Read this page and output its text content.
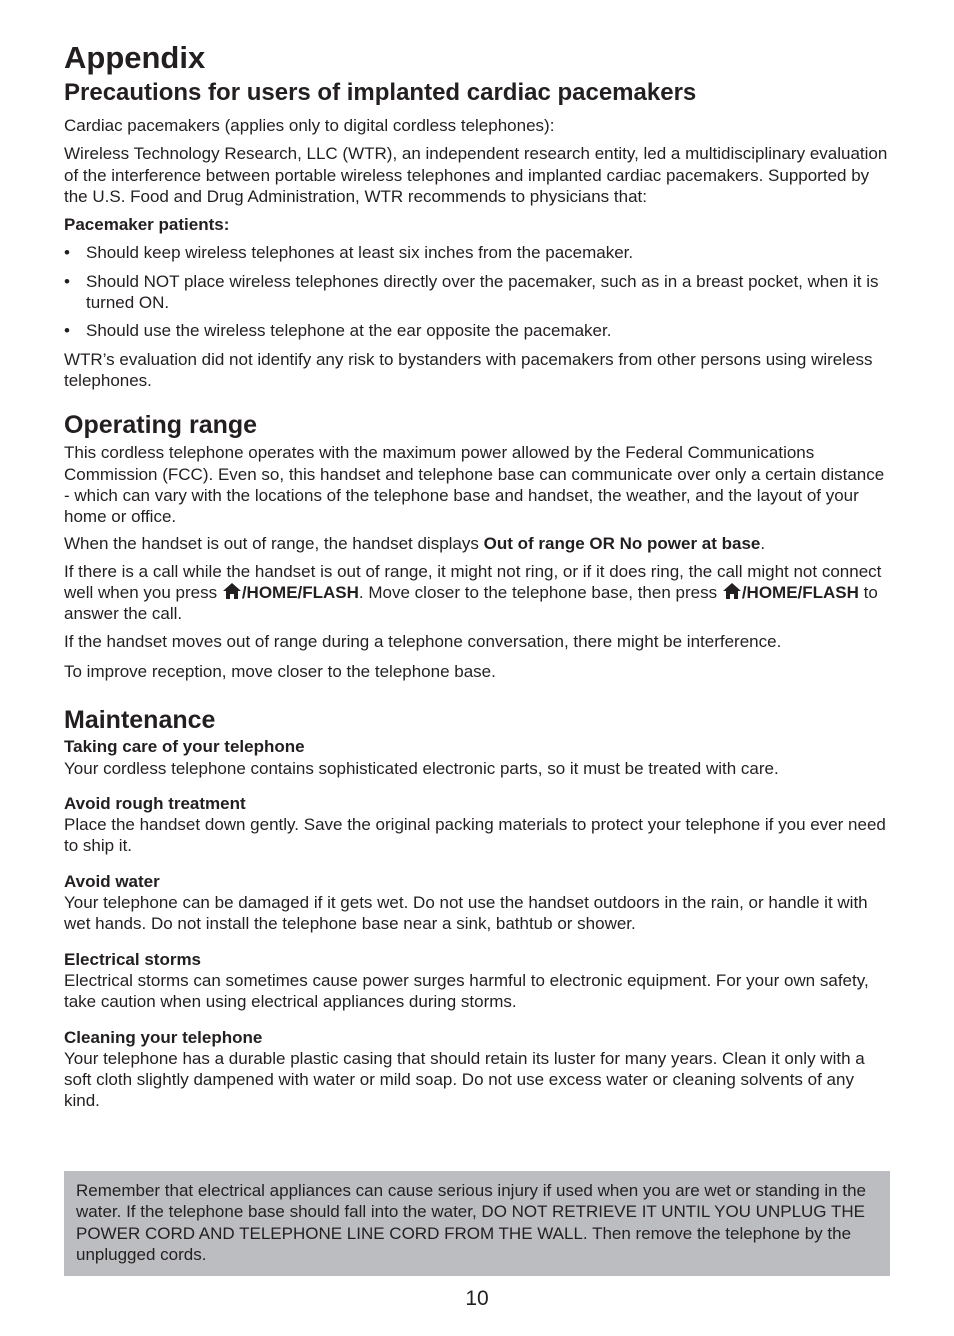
Appendix
Precautions for users of implanted cardiac pacemakers

Cardiac pacemakers (applies only to digital cordless telephones):

Wireless Technology Research, LLC (WTR), an independent research entity, led a multidisciplinary evaluation of the interference between portable wireless telephones and implanted cardiac pacemakers. Supported by the U.S. Food and Drug Administration, WTR recommends to physicians that:

Pacemaker patients:

• Should keep wireless telephones at least six inches from the pacemaker.
• Should NOT place wireless telephones directly over the pacemaker, such as in a breast pocket, when it is turned ON.
• Should use the wireless telephone at the ear opposite the pacemaker.

WTR’s evaluation did not identify any risk to bystanders with pacemakers from other persons using wireless telephones.

Operating range

This cordless telephone operates with the maximum power allowed by the Federal Communications Commission (FCC). Even so, this handset and telephone base can communicate over only a certain distance - which can vary with the locations of the telephone base and handset, the weather, and the layout of your home or office.

When the handset is out of range, the handset displays Out of range OR No power at base.

If there is a call while the handset is out of range, it might not ring, or if it does ring, the call might not connect well when you press /HOME/FLASH. Move closer to the telephone base, then press /HOME/FLASH to answer the call.

If the handset moves out of range during a telephone conversation, there might be interference.

To improve reception, move closer to the telephone base.

Maintenance

Taking care of your telephone

Your cordless telephone contains sophisticated electronic parts, so it must be treated with care.

Avoid rough treatment

Place the handset down gently. Save the original packing materials to protect your telephone if you ever need to ship it.

Avoid water

Your telephone can be damaged if it gets wet. Do not use the handset outdoors in the rain, or handle it with wet hands. Do not install the telephone base near a sink, bathtub or shower.

Electrical storms

Electrical storms can sometimes cause power surges harmful to electronic equipment. For your own safety, take caution when using electrical appliances during storms.

Cleaning your telephone

Your telephone has a durable plastic casing that should retain its luster for many years. Clean it only with a soft cloth slightly dampened with water or mild soap. Do not use excess water or cleaning solvents of any kind.

Remember that electrical appliances can cause serious injury if used when you are wet or standing in the water. If the telephone base should fall into the water, DO NOT RETRIEVE IT UNTIL YOU UNPLUG THE POWER CORD AND TELEPHONE LINE CORD FROM THE WALL. Then remove the telephone by the unplugged cords.
10
